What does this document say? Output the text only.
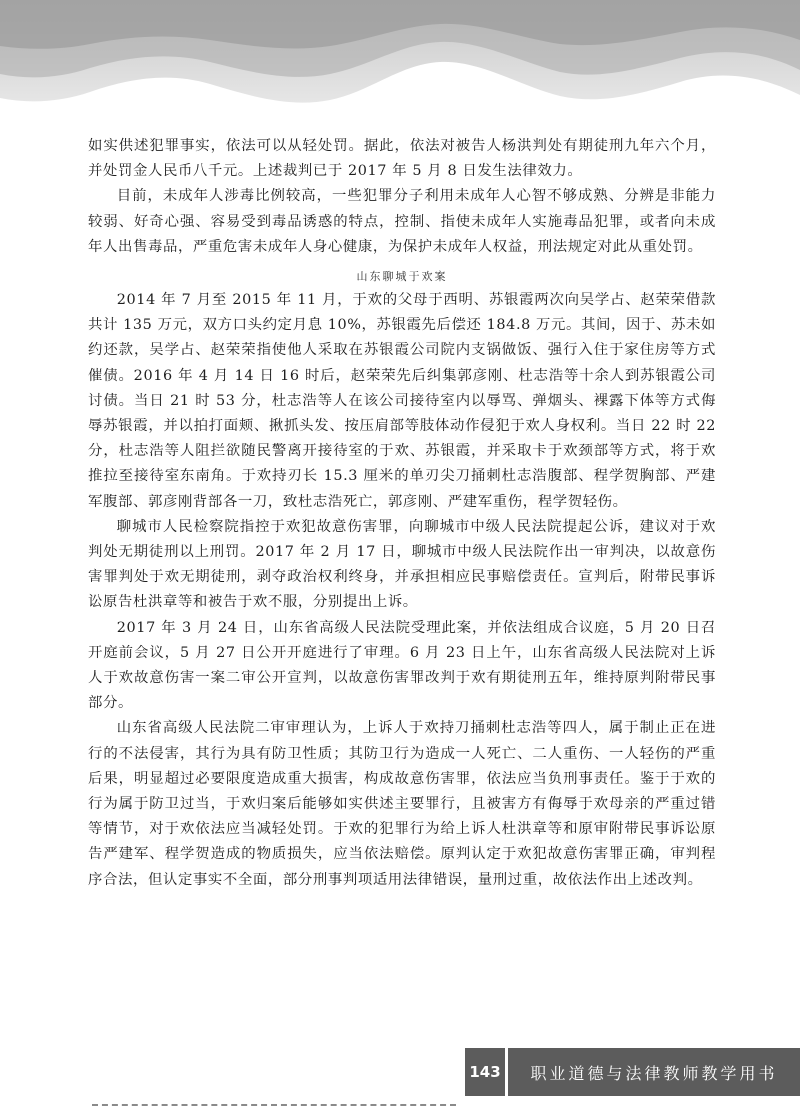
如实供述犯罪事实，依法可以从轻处罚。据此，依法对被告人杨洪判处有期徒刑九年六个月，并处罚金人民币八千元。上述裁判已于 2017 年 5 月 8 日发生法律效力。

目前，未成年人涉毒比例较高，一些犯罪分子利用未成年人心智不够成熟、分辨是非能力较弱、好奇心强、容易受到毒品诱惑的特点，控制、指使未成年人实施毒品犯罪，或者向未成年人出售毒品，严重危害未成年人身心健康，为保护未成年人权益，刑法规定对此从重处罚。

山东聊城于欢案

2014 年 7 月至 2015 年 11 月，于欢的父母于西明、苏银霞两次向吴学占、赵荣荣借款共计 135 万元，双方口头约定月息 10%，苏银霞先后偿还 184.8 万元。其间，因于、苏未如约还款，吴学占、赵荣荣指使他人采取在苏银霞公司院内支锅做饭、强行入住于家住房等方式催债。2016 年 4 月 14 日 16 时后，赵荣荣先后纠集郭彦刚、杜志浩等十余人到苏银霞公司讨债。当日 21 时 53 分，杜志浩等人在该公司接待室内以辱骂、弹烟头、裸露下体等方式侮辱苏银霞，并以拍打面颊、揪抓头发、按压肩部等肢体动作侵犯于欢人身权利。当日 22 时 22 分，杜志浩等人阻拦欲随民警离开接待室的于欢、苏银霞，并采取卡于欢颈部等方式，将于欢推拉至接待室东南角。于欢持刃长 15.3 厘米的单刃尖刀捅刺杜志浩腹部、程学贺胸部、严建军腹部、郭彦刚背部各一刀，致杜志浩死亡，郭彦刚、严建军重伤，程学贺轻伤。

聊城市人民检察院指控于欢犯故意伤害罪，向聊城市中级人民法院提起公诉，建议对于欢判处无期徒刑以上刑罚。2017 年 2 月 17 日，聊城市中级人民法院作出一审判决，以故意伤害罪判处于欢无期徒刑，剥夺政治权利终身，并承担相应民事赔偿责任。宣判后，附带民事诉讼原告杜洪章等和被告于欢不服，分别提出上诉。

2017 年 3 月 24 日，山东省高级人民法院受理此案，并依法组成合议庭，5 月 20 日召开庭前会议，5 月 27 日公开开庭进行了审理。6 月 23 日上午，山东省高级人民法院对上诉人于欢故意伤害一案二审公开宣判，以故意伤害罪改判于欢有期徒刑五年，维持原判附带民事部分。

山东省高级人民法院二审审理认为，上诉人于欢持刀捅刺杜志浩等四人，属于制止正在进行的不法侵害，其行为具有防卫性质；其防卫行为造成一人死亡、二人重伤、一人轻伤的严重后果，明显超过必要限度造成重大损害，构成故意伤害罪，依法应当负刑事责任。鉴于于欢的行为属于防卫过当，于欢归案后能够如实供述主要罪行，且被害方有侮辱于欢母亲的严重过错等情节，对于欢依法应当减轻处罚。于欢的犯罪行为给上诉人杜洪章等和原审附带民事诉讼原告严建军、程学贺造成的物质损失，应当依法赔偿。原判认定于欢犯故意伤害罪正确，审判程序合法，但认定事实不全面，部分刑事判项适用法律错误，量刑过重，故依法作出上述改判。

143	职业道德与法律教师教学用书
